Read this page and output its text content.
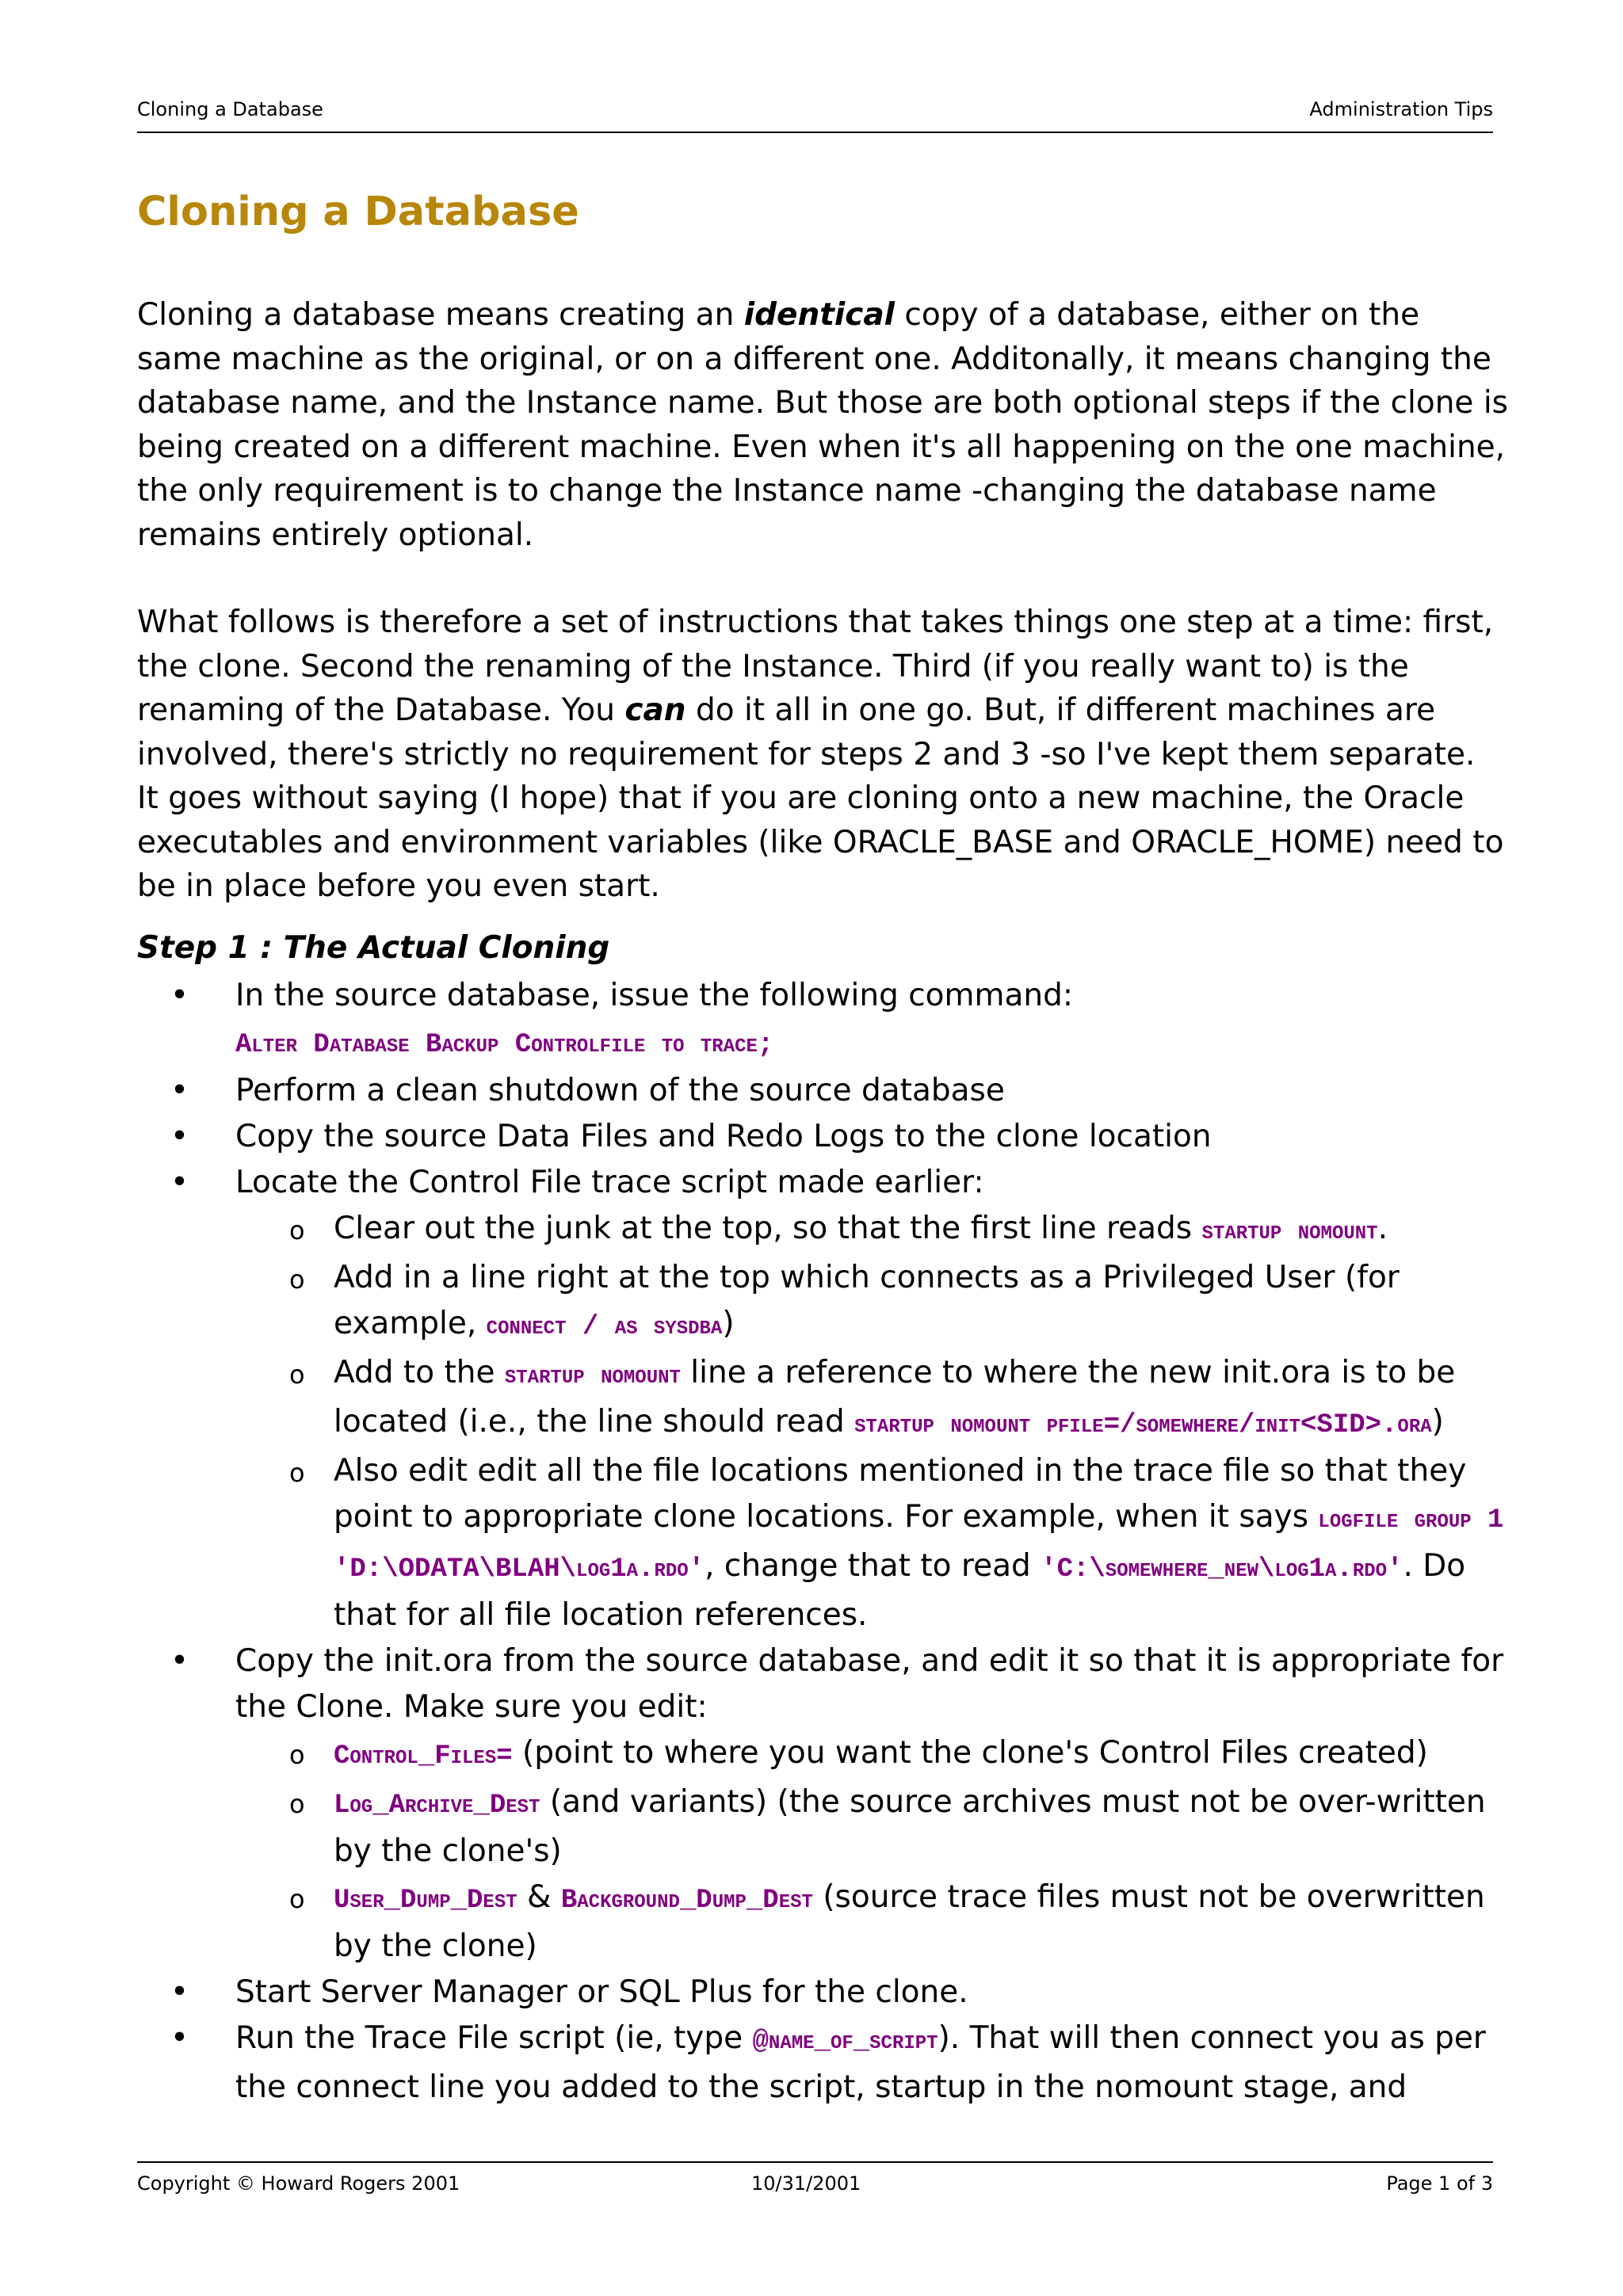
Cloning a Database	Administration Tips
Cloning a Database

Cloning a database means creating an identical copy of a database, either on the same machine as the original, or on a different one. Additonally, it means changing the database name, and the Instance name. But those are both optional steps if the clone is being created on a different machine. Even when it's all happening on the one machine, the only requirement is to change the Instance name -changing the database name remains entirely optional.

What follows is therefore a set of instructions that takes things one step at a time: first, the clone. Second the renaming of the Instance. Third (if you really want to) is the renaming of the Database. You can do it all in one go. But, if different machines are involved, there's strictly no requirement for steps 2 and 3 -so I've kept them separate.

It goes without saying (I hope) that if you are cloning onto a new machine, the Oracle executables and environment variables (like ORACLE_BASE and ORACLE_HOME) need to be in place before you even start.

Step 1 : The Actual Cloning

• In the source database, issue the following command:
Alter Database Backup Controlfile to trace;
• Perform a clean shutdown of the source database
• Copy the source Data Files and Redo Logs to the clone location
• Locate the Control File trace script made earlier:
o Clear out the junk at the top, so that the first line reads startup nomount.
o Add in a line right at the top which connects as a Privileged User (for example, connect / as sysdba)
o Add to the startup nomount line a reference to where the new init.ora is to be located (i.e., the line should read startup nomount pfile=/somewhere/init<SID>.ora)
o Also edit edit all the file locations mentioned in the trace file so that they point to appropriate clone locations. For example, when it says logfile group 1 'D:\ODATA\BLAH\log1a.rdo', change that to read 'C:\somewhere_new\log1a.rdo'. Do that for all file location references.
• Copy the init.ora from the source database, and edit it so that it is appropriate for the Clone. Make sure you edit:
o Control_Files= (point to where you want the clone's Control Files created)
o Log_Archive_Dest (and variants) (the source archives must not be over-written by the clone's)
o User_Dump_Dest & Background_Dump_Dest (source trace files must not be overwritten by the clone)
• Start Server Manager or SQL Plus for the clone.
• Run the Trace File script (ie, type @name_of_script). That will then connect you as per the connect line you added to the script, startup in the nomount stage, and
Copyright © Howard Rogers 2001	10/31/2001	Page 1 of 3
